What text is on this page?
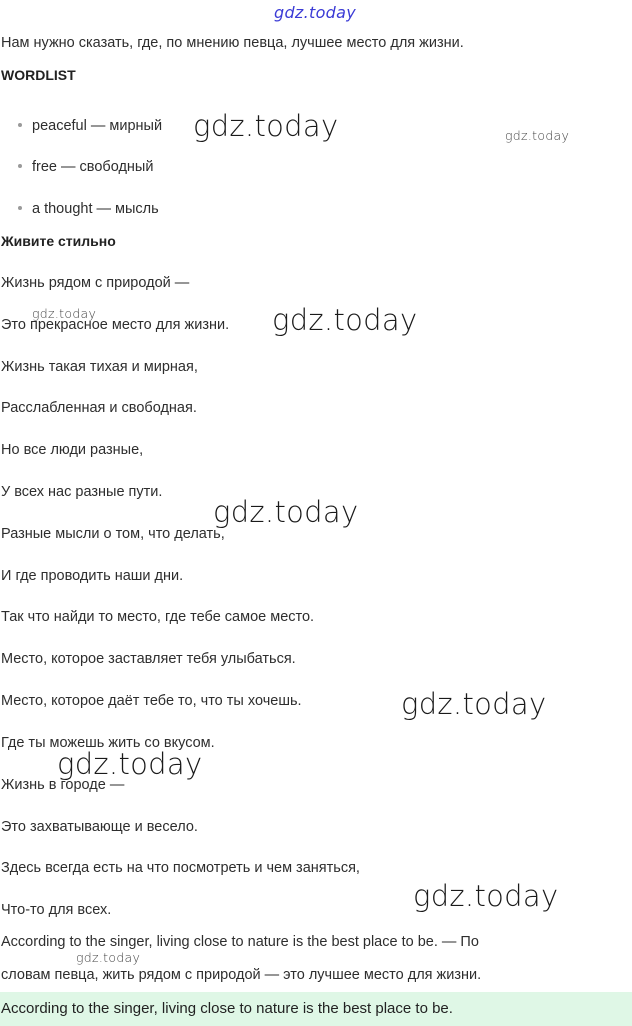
gdz.today
Нам нужно сказать, где, по мнению певца, лучшее место для жизни.
WORDLIST
peaceful — мирный
free — свободный
a thought — мысль
Живите стильно
Жизнь рядом с природой —
Это прекрасное место для жизни.
Жизнь такая тихая и мирная,
Расслабленная и свободная.
Но все люди разные,
У всех нас разные пути.
Разные мысли о том, что делать,
И где проводить наши дни.
Так что найди то место, где тебе самое место.
Место, которое заставляет тебя улыбаться.
Место, которое даёт тебе то, что ты хочешь.
Где ты можешь жить со вкусом.
Жизнь в городе —
Это захватывающе и весело.
Здесь всегда есть на что посмотреть и чем заняться,
Что-то для всех.
According to the singer, living close to nature is the best place to be. — По
словам певца, жить рядом с природой — это лучшее место для жизни.
According to the singer, living close to nature is the best place to be.
gdz.today	gdz.today
gdz.today	gdz.today
gdz.today
gdz.today
gdz.today
gdz.today
gdz.today
